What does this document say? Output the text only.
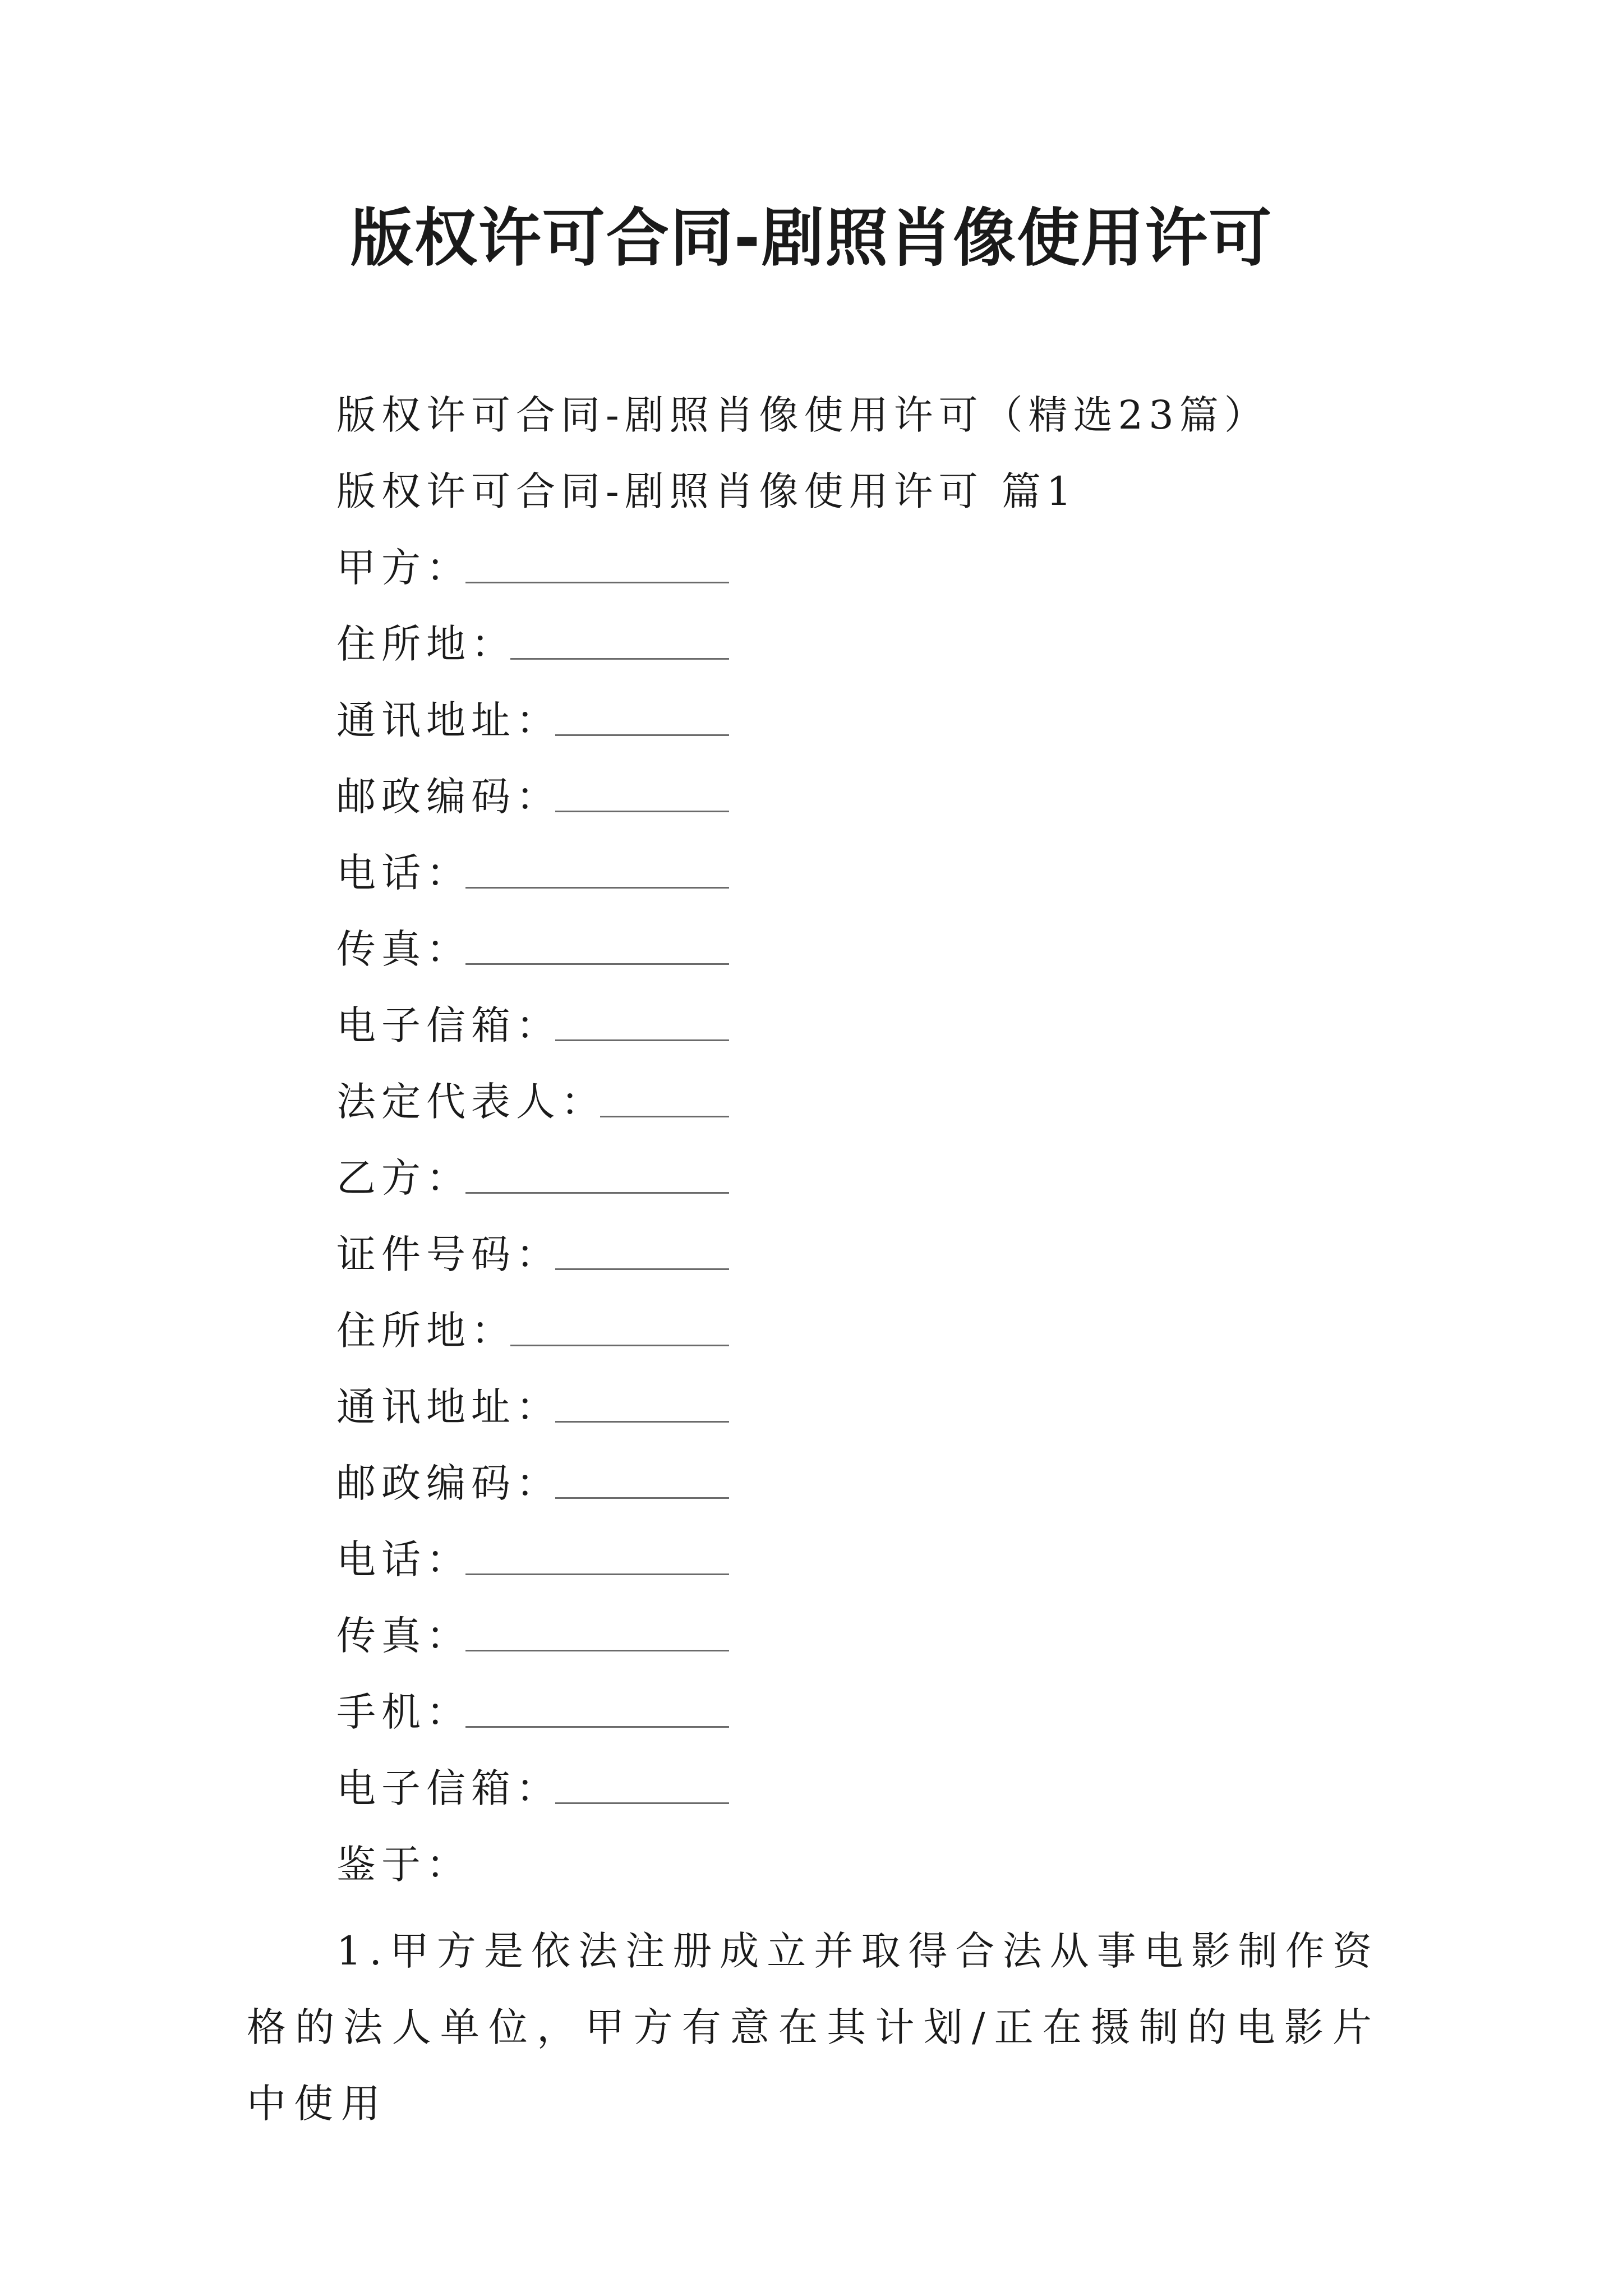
版权许可合同-剧照肖像使用许可
版权许可合同-剧照肖像使用许可（精选23篇）
版权许可合同-剧照肖像使用许可 篇1
甲方：
住所地：
通讯地址：
邮政编码：
电话：
传真：
电子信箱：
法定代表人：
乙方：
证件号码：
住所地：
通讯地址：
邮政编码：
电话：
传真：
手机：
电子信箱：
鉴于：
1.甲方是依法注册成立并取得合法从事电影制作资格的法人单位，甲方有意在其计划/正在摄制的电影片中使用
